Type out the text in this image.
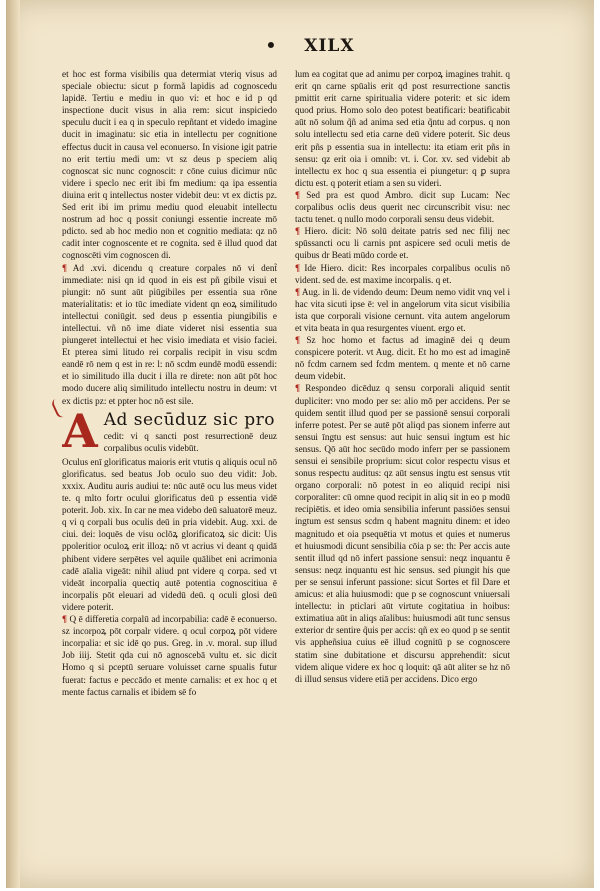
• XILX

et hoc est forma visibilis qua determiat vteriq visus ad speciale obiectu: sicut p formã lapidis ad cognoscedu lapidē. Tertiu e mediu in quo vi: et hoc e id p qd inspectione ducit visus in alia rem: sicut inspiciedo speculu ducit i ea q in speculo repñtant et videdo imagine ducit in imaginatu: sic etia in intellectu per cognitione effectus ducit in causa vel econuerso. In visione igit patrie no erit tertiu medi um: vt sz deus p speciem aliq cognoscat sic nunc cognoscit: r cōne cuius dicimur nūc videre i speclo nec erit ibi fm medium: qa ipa essentia diuina erit q intellectus noster videbit deu: vt ex dictis pz. Sed erit ibi im primu mediu quod eleuabit intellectu nostrum ad hoc q possit coniungi essentie increate mō pdicto. sed ab hoc medio non et cognitio mediata: qz nō cadit inter cognoscente et re cognita. sed ē illud quod dat cognoscēti vim cognoscen di.

¶ Ad .xvi. dicendu q creature corpales nō vi dent̃ immediate: nisi qn id quod in eis est pñ gibile visui et piungit: nō sunt aūt piūgibiles per essentia sua rōne materialitatis: et io tūc imediate vident qn eoꝝ similitudo intellectui coniūgit. sed deus p essentia piungibilis e intellectui. vñ nō ime diate videret nisi essentia sua piungeret intellectui et hec visio imediata et visio faciei. Et pterea simi litudo rei corpalis recipit in visu scdm eandē rō nem q est in re: l: nō scdm eundē modū essendi: et io similitudo illa ducit i illa re direte: non aūt pōt hoc modo ducere aliq similitudo intellectu nostru in deum: vt ex dictis pz: et ppter hoc nō est sile.

A Ad secūduz sic pro
cedit: vi q sancti post resurrectionē deuz corpalibus oculis videbūt.

Oculus enī glorificatus maioris erit vtutis q aliquis ocul nō glorificatus. sed beatus Job oculo suo deu vidit: Job. xxxix. Auditu auris audiui te: nūc autē ocu lus meus videt te. q mlto fortr ocului glorificatus deū p essentia vidē poterit. Job. xix. In car ne mea videbo deū saluatorē meuz. q vi q corpali bus oculis deū in pria videbit. Aug. xxi. de ciui. dei: loquēs de visu oclōꝝ glorificatoꝝ sic dicit: Uis ppoleritior oculoꝝ erit illoꝝ: nō vt acrius vi deant q quidā phibent videre serpētes vel aquile quālibet eni acrimonia cadē aīalia vigeāt: nihil aliud pnt videre q corpa. sed vt videāt incorpalia quectiq autē potentia cognoscitiua ē incorpalis pōt eleuari ad videdū deū. q oculi glosi deū videre poterit.

¶ Q ē differetia corpalū ad incorpabilia: cadē ē econuerso. sz incorpoꝝ pōt corpalr videre. q ocul corpoꝝ pōt videre incorpalia: et sic idē qo pus. Greg. in .v. moral. sup illud Job iiij. Stetit qda cui nō agnoscebā vultu et. sic dicit Homo q si pceptū seruare voluisset carne spualis futur fuerat: factus e peccādo et mente carnalis: et ex hoc q et mente factus carnalis et ibidem sē fo

lum ea cogitat que ad animu per corpoꝝ imagines trahit. q erit qn carne spūalis erit qd post resurrectione sanctis pmittit erit carne spiritualia videre poterit: et sic idem quod prius. Homo solo deo potest beatificari: beatificabit aūt nō solum q̃ñ ad anima sed etia q̃ntu ad corpus. q non solu intellectu sed etia carne deū videre poterit. Sic deus erit pñs p essentia sua in intellectu: ita etiam erit pñs in sensu: qz erit oia i omnib: vt. i. Cor. xv. sed videbit ab intellectu ex hoc q sua essentia ei piungetur: q ꝑ supra dictu est. q poterit etiam a sen su videri.

¶ Sed pra est quod Ambro. dicit sup Lucam: Nec corpalibus oclis deus querit nec circunscribit visu: nec tactu tenet. q nullo modo corporali sensu deus videbit.

¶ Hiero. dicit: Nō solū deitate patris sed nec filij nec spūssancti ocu li carnis pnt aspicere sed oculi metis de quibus dr Beati mūdo corde et.

¶ Ide Hiero. dicit: Res incorpales corpalibus oculis nō vident. sed de. est maxime incorpalis. q et.

¶ Aug. in li. de videndo deum: Deum nemo vidit vnq vel i hac vita sicuti ipse ē: vel in angelorum vita sicut visibilia ista que corporali visione cernunt. vita autem angelorum et vita beata in qua resurgentes viuent. ergo et.

¶ Sz hoc homo et factus ad imaginē dei q deum conspicere poterit. vt Aug. dicit. Et ho mo est ad imaginē nō fcdm carnem sed fcdm mentem. q mente et nō carne deum videbit.

¶ Respondeo dicēduz q sensu corporali aliquid sentit dupliciter: vno modo per se: alio mō per accidens. Per se quidem sentit illud quod per se passionē sensui corporali inferre potest. Per se autē pōt aliqd pas sionem inferre aut sensui īngtu est sensus: aut huic sensui ingtum est hic sensus. Qō aūt hoc secūdo modo inferr per se passionem sensui ei sensibile proprium: sicut color respectu visus et sonus respectu auditus: qz aūt sensus ingtu est sensus vtit organo corporali: nō potest in eo aliquid recipi nisi corporaliter: cū omne quod recipit in aliq sit in eo p modū recipiētis. et ideo omia sensibilia inferunt passiōes sensui ingtum est sensus scdm q habent magnitu dinem: et ideo magnitudo et oia psequētia vt motus et quies et numerus et huiusmodi dicunt sensibilia cōia p se: th: Per accis aute sentit illud qd nō infert passione sensui: neqz inquantu ē sensus: neqz inquantu est hic sensus. sed piungit his que per se sensui inferunt passione: sicut Sortes et fil Dare et amicus: et alia huiusmodi: que p se cognoscunt vniuersali intellectu: in pticlari aūt virtute cogitatiua in hoibus: extimatiua aūt in aliqs aīalibus: huiusmodi aūt tunc sensus exterior dr sentire q̃uis per accis: qñ ex eo quod p se sentit vis appheñsiua cuius eē illud cognitū p se cognoscere statim sine dubitatione et discursu apprehendit: sicut videm alique videre ex hoc q loquit: qā aūt aliter se hz nō di illud sensus videre etiā per accidens. Dico ergo
